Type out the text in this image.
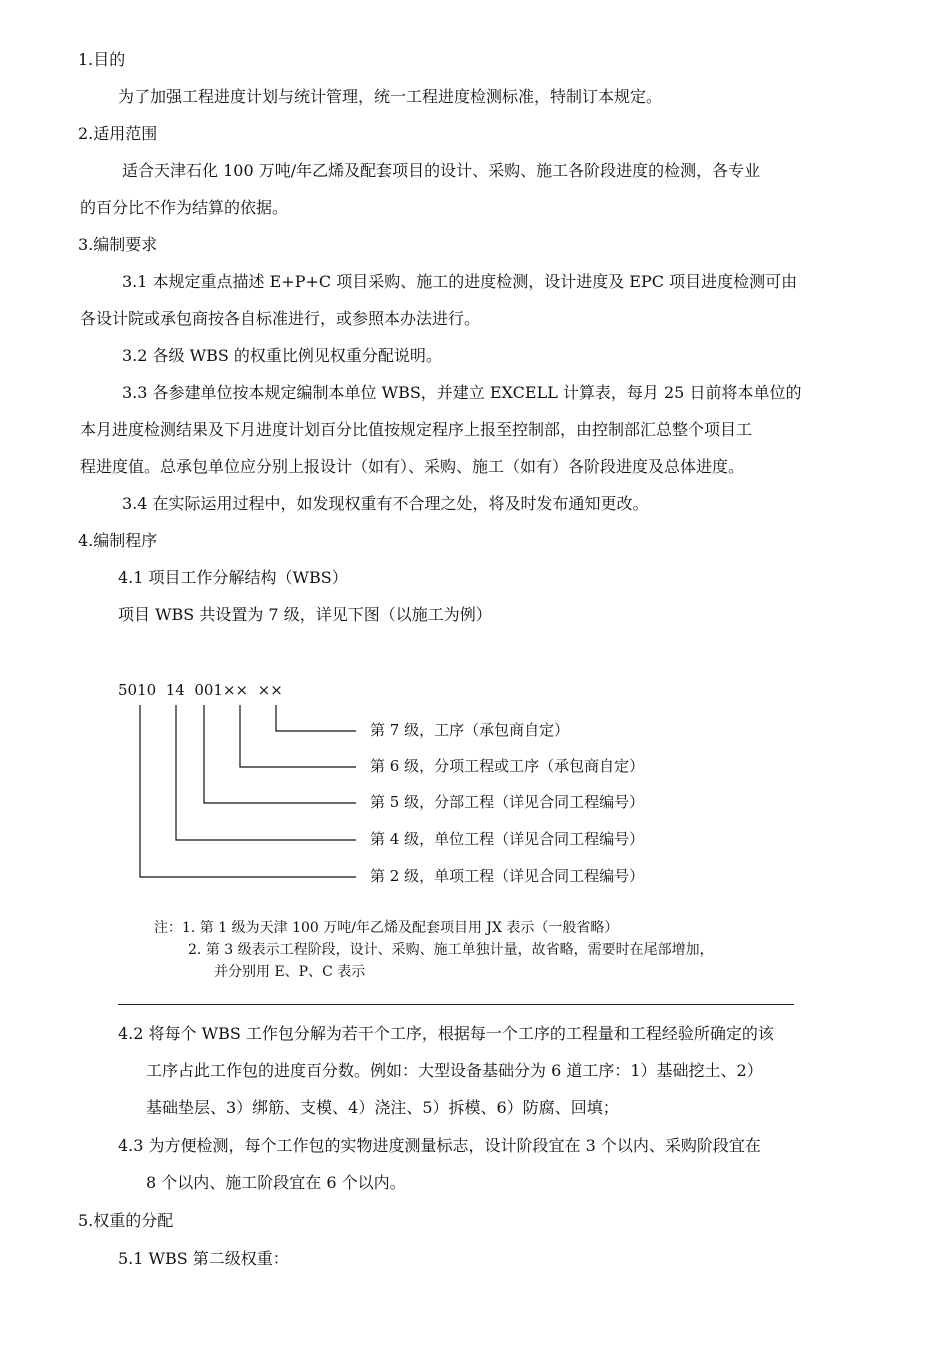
1.目的
为了加强工程进度计划与统计管理，统一工程进度检测标准，特制订本规定。
2.适用范围
适合天津石化 100 万吨/年乙烯及配套项目的设计、采购、施工各阶段进度的检测，各专业
的百分比不作为结算的依据。
3.编制要求
3.1 本规定重点描述 E+P+C 项目采购、施工的进度检测，设计进度及 EPC 项目进度检测可由
各设计院或承包商按各自标准进行，或参照本办法进行。
3.2 各级 WBS 的权重比例见权重分配说明。
3.3 各参建单位按本规定编制本单位 WBS，并建立 EXCELL 计算表，每月 25 日前将本单位的
本月进度检测结果及下月进度计划百分比值按规定程序上报至控制部，由控制部汇总整个项目工
程进度值。总承包单位应分别上报设计（如有）、采购、施工（如有）各阶段进度及总体进度。
3.4 在实际运用过程中，如发现权重有不合理之处，将及时发布通知更改。
4.编制程序
4.1 项目工作分解结构（WBS）
项目 WBS 共设置为 7 级，详见下图（以施工为例）
5010  14  001××  ××
第 7 级，工序（承包商自定）
第 6 级，分项工程或工序（承包商自定）
第 5 级，分部工程（详见合同工程编号）
第 4 级，单位工程（详见合同工程编号）
第 2 级，单项工程（详见合同工程编号）
注：1. 第 1 级为天津 100 万吨/年乙烯及配套项目用 JX 表示（一般省略）
2. 第 3 级表示工程阶段，设计、采购、施工单独计量，故省略，需要时在尾部增加，
并分别用 E、P、C 表示
4.2 将每个 WBS 工作包分解为若干个工序，根据每一个工序的工程量和工程经验所确定的该
工序占此工作包的进度百分数。例如：大型设备基础分为 6 道工序：1）基础挖土、2）
基础垫层、3）绑筋、支模、4）浇注、5）拆模、6）防腐、回填；
4.3 为方便检测，每个工作包的实物进度测量标志，设计阶段宜在 3 个以内、采购阶段宜在
8 个以内、施工阶段宜在 6 个以内。
5.权重的分配
5.1 WBS 第二级权重：
